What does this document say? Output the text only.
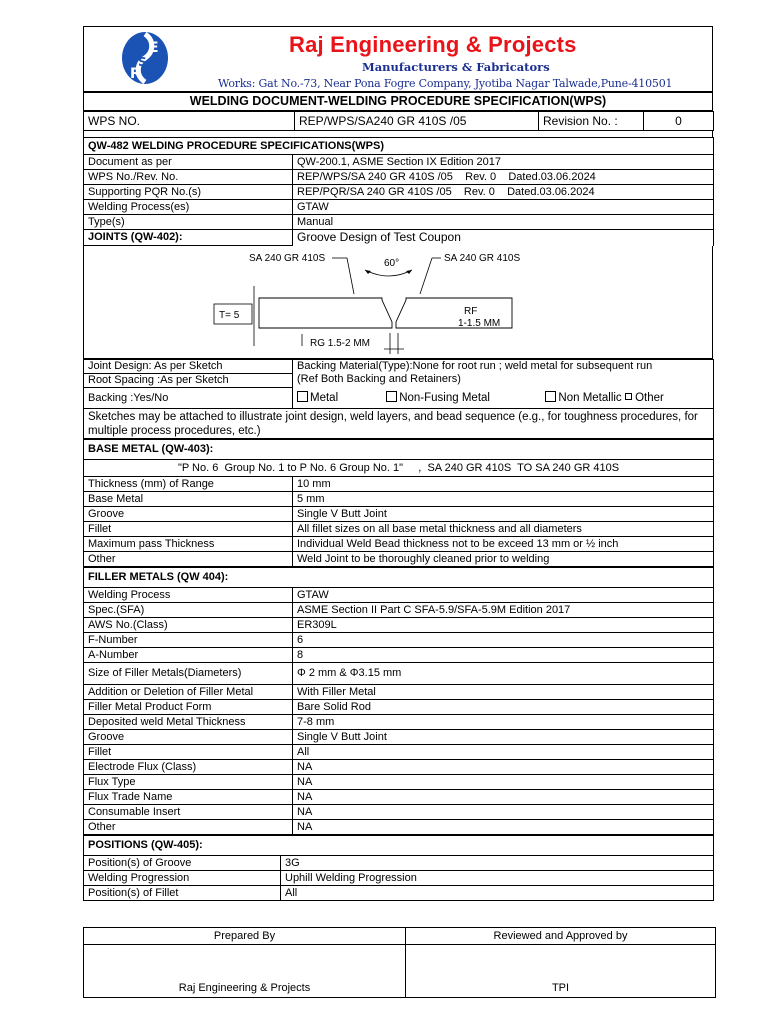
R
E
S
Raj Engineering & Projects
Manufacturers & Fabricators
Works: Gat No.-73, Near Pona Fogre Company, Jyotiba Nagar Talwade,Pune-410501
WELDING DOCUMENT-WELDING PROCEDURE SPECIFICATION(WPS)
WPS NO.	REP/WPS/SA240 GR 410S /05	Revision No. :	0
QW-482 WELDING PROCEDURE SPECIFICATIONS(WPS)	
Document as per	QW-200.1, ASME Section IX Edition 2017
WPS No./Rev. No.	REP/WPS/SA 240 GR 410S /05    Rev. 0    Dated.03.06.2024
Supporting PQR No.(s)	REP/PQR/SA 240 GR 410S /05    Rev. 0    Dated.03.06.2024
Welding Process(es)	GTAW
Type(s)	Manual
JOINTS (QW-402):	Groove Design of Test Coupon
SA 240 GR 410S	SA 240 GR 410S
60°
T= 5	RF
1-1.5 MM
RG 1.5-2 MM
Joint Design: As per Sketch	Backing Material(Type):None for root run ; weld metal for subsequent run
(Ref Both Backing and Retainers)

Root Spacing :As per Sketch	
Backing :Yes/No	Metal Non-Fusing Metal Non Metallic Other
Sketches may be attached to illustrate joint design, weld layers, and bead sequence (e.g., for toughness procedures, for multiple process procedures, etc.)	
BASE METAL (QW-403):	
"P No. 6  Group No. 1 to P No. 6 Group No. 1"     ,  SA 240 GR 410S  TO SA 240 GR 410S	
Thickness (mm) of Range	10 mm
Base Metal	5 mm
Groove	Single V Butt Joint
Fillet	All fillet sizes on all base metal thickness and all diameters
Maximum pass Thickness	Individual Weld Bead thickness not to be exceed 13 mm or ½ inch
Other	Weld Joint to be thoroughly cleaned prior to welding
FILLER METALS (QW 404):	
Welding Process	GTAW
Spec.(SFA)	ASME Section II Part C SFA-5.9/SFA-5.9M Edition 2017
AWS No.(Class)	ER309L
F-Number	6
A-Number	8
Size of Filler Metals(Diameters)	Φ 2 mm & Φ3.15 mm
Addition or Deletion of Filler Metal	With Filler Metal
Filler Metal Product Form	Bare Solid Rod
Deposited weld Metal Thickness	7-8 mm
Groove	Single V Butt Joint
Fillet	All
Electrode Flux (Class)	NA
Flux Type	NA
Flux Trade Name	NA
Consumable Insert	NA
Other	NA
POSITIONS (QW-405):	
Position(s) of Groove	3G
Welding Progression	Uphill Welding Progression
Position(s) of Fillet	All
Prepared By	Reviewed and Approved by
Raj Engineering & Projects	TPI
